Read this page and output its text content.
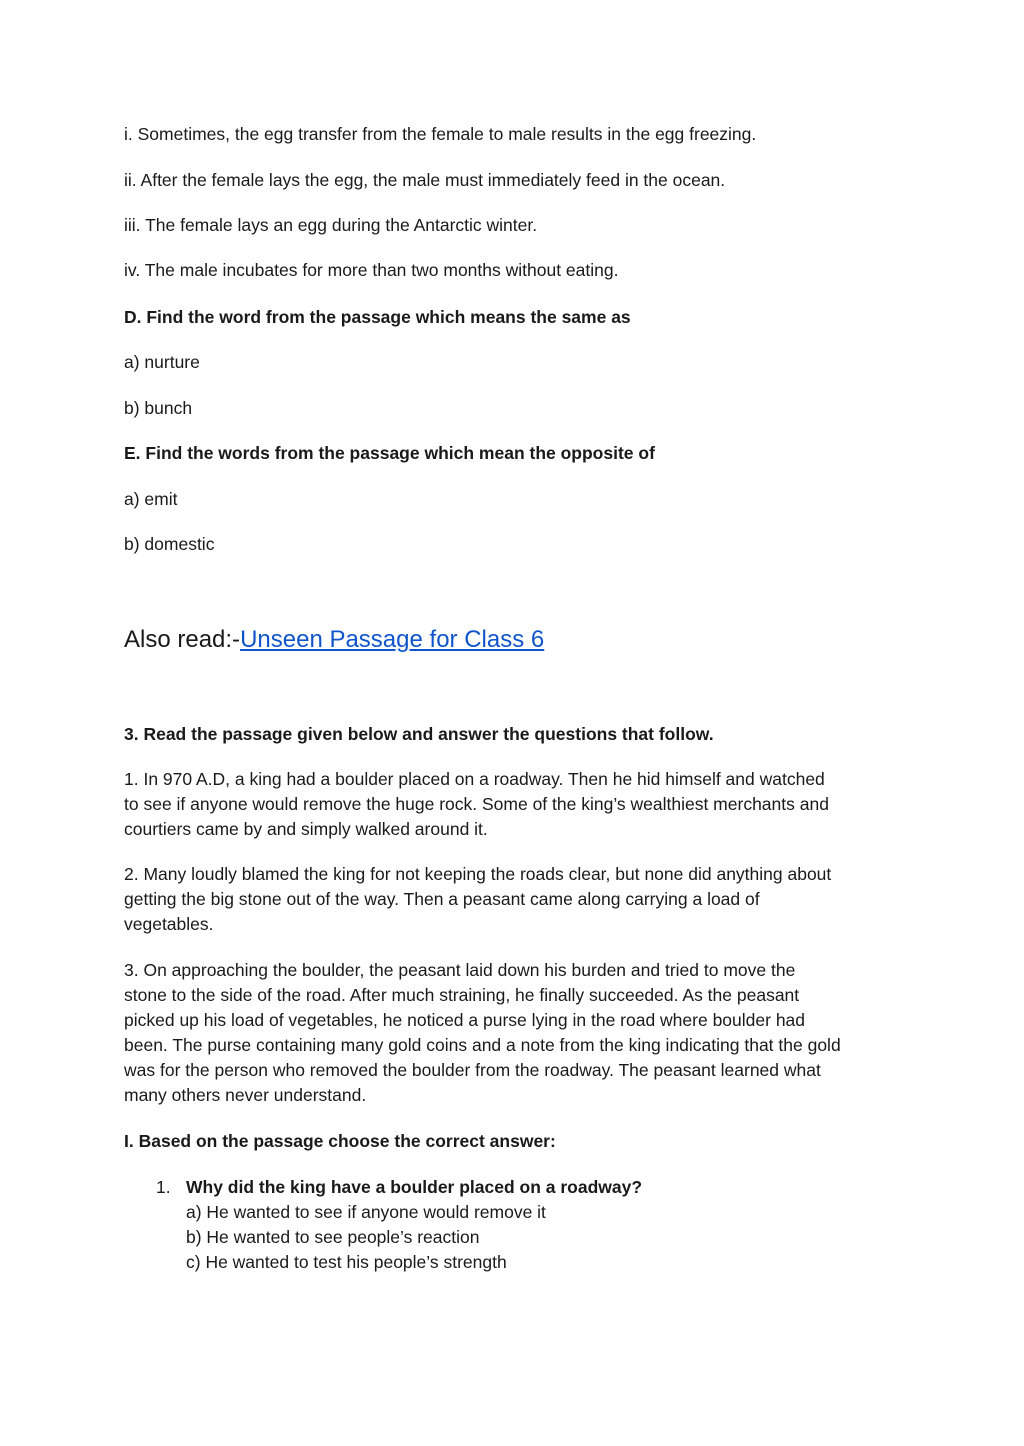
i. Sometimes, the egg transfer from the female to male results in the egg freezing.

ii. After the female lays the egg, the male must immediately feed in the ocean.

iii. The female lays an egg during the Antarctic winter.

iv. The male incubates for more than two months without eating.

D. Find the word from the passage which means the same as

a) nurture

b) bunch

E. Find the words from the passage which mean the opposite of

a) emit

b) domestic

Also read:-Unseen Passage for Class 6

3. Read the passage given below and answer the questions that follow.

1. In 970 A.D, a king had a boulder placed on a roadway. Then he hid himself and watched
to see if anyone would remove the huge rock. Some of the king’s wealthiest merchants and
courtiers came by and simply walked around it.
2. Many loudly blamed the king for not keeping the roads clear, but none did anything about
getting the big stone out of the way. Then a peasant came along carrying a load of
vegetables.
3. On approaching the boulder, the peasant laid down his burden and tried to move the
stone to the side of the road. After much straining, he finally succeeded. As the peasant
picked up his load of vegetables, he noticed a purse lying in the road where boulder had
been. The purse containing many gold coins and a note from the king indicating that the gold
was for the person who removed the boulder from the roadway. The peasant learned what
many others never understand.

I. Based on the passage choose the correct answer:

1. Why did the king have a boulder placed on a roadway?
a) He wanted to see if anyone would remove it
b) He wanted to see people’s reaction
c) He wanted to test his people’s strength
